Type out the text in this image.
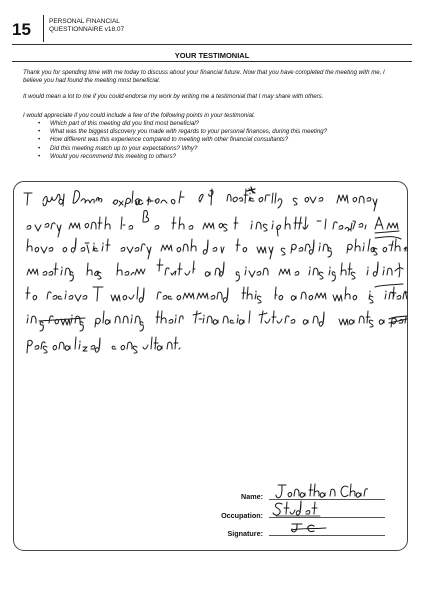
15	PERSONAL FINANCIAL
QUESTIONNAIRE v18.07
YOUR TESTIMONIAL

Thank you for spending time with me today to discuss about your financial future. Now that you have completed the meeting with me, I believe you had found the meeting most beneficial.

It would mean a lot to me if you could endorse my work by writing me a testimonial that I may share with others.

I would appreciate if you could include a few of the following points in your testimonial.

• Which part of this meeting did you find most beneficial?
• What was the biggest discovery you made with regards to your personal finances, during this meeting?
• How different was this experience compared to meeting with other financial consultants?
• Did this meeting match up to your expectations? Why?
• Would you recommend this meeting to others?
Name:
Occupation:
Signature:
